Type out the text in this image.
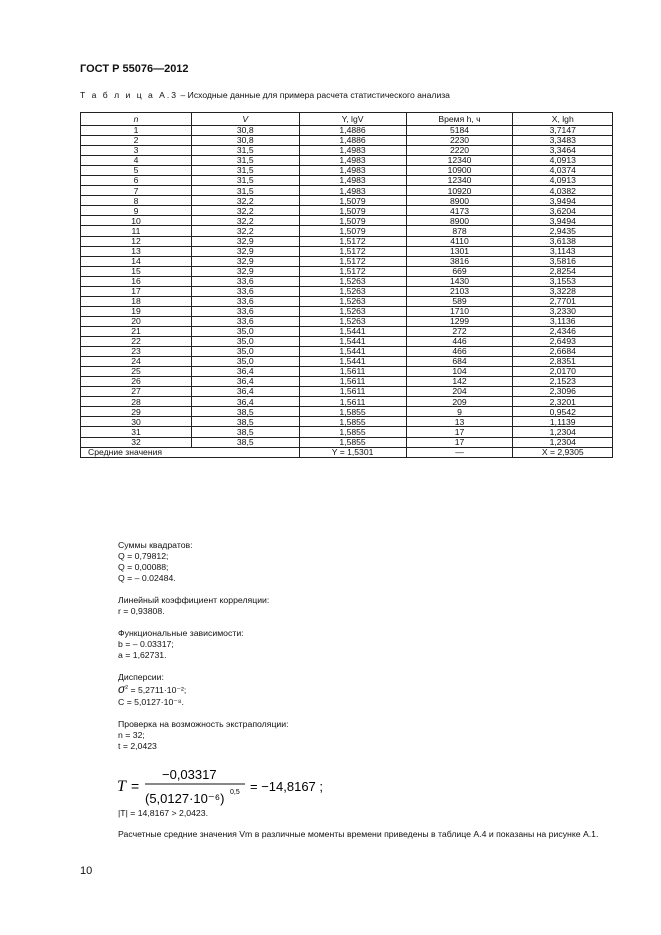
ГОСТ Р 55076—2012
Т а б л и ц а А.3 – Исходные данные для примера расчета статистического анализа
n	V	Y, lgV	Время h, ч	X, lgh
1	30,8	1,4886	5184	3,7147
2	30,8	1,4886	2230	3,3483
3	31,5	1,4983	2220	3,3464
4	31,5	1,4983	12340	4,0913
5	31,5	1,4983	10900	4,0374
6	31,5	1,4983	12340	4,0913
7	31,5	1,4983	10920	4,0382
8	32,2	1,5079	8900	3,9494
9	32,2	1,5079	4173	3,6204
10	32,2	1,5079	8900	3,9494
11	32,2	1,5079	878	2,9435
12	32,9	1,5172	4110	3,6138
13	32,9	1,5172	1301	3,1143
14	32,9	1,5172	3816	3,5816
15	32,9	1,5172	669	2,8254
16	33,6	1,5263	1430	3,1553
17	33,6	1,5263	2103	3,3228
18	33,6	1,5263	589	2,7701
19	33,6	1,5263	1710	3,2330
20	33,6	1,5263	1299	3,1136
21	35,0	1,5441	272	2,4346
22	35,0	1,5441	446	2,6493
23	35,0	1,5441	466	2,6684
24	35,0	1,5441	684	2,8351
25	36,4	1,5611	104	2,0170
26	36,4	1,5611	142	2,1523
27	36,4	1,5611	204	2,3096
28	36,4	1,5611	209	2,3201
29	38,5	1,5855	9	0,9542
30	38,5	1,5855	13	1,1139
31	38,5	1,5855	17	1,2304
32	38,5	1,5855	17	1,2304
Средние значения		Y = 1,5301	—	X = 2,9305
Суммы квадратов:
Q = 0,79812;
Q = 0,00088;
Q = – 0.02484.
Линейный коэффициент корреляции:
r = 0,93808.
Функциональные зависимости:
b = – 0.03317;
a = 1,62731.
Дисперсии:
$\sigma^2 = 5,2711\cdot 10^{-2}$;
C = 5,0127·10⁻⁸.
Проверка на возможность экстраполяции:
n = 32;
t = 2,0423
T =
−0,03317
(5,0127·10⁻⁶) 0,5 = −14,8167 ;
|T| = 14,8167 > 2,0423.
Расчетные средние значения Vm в различные моменты времени приведены в таблице А.4 и показаны на рисунке А.1.
10
